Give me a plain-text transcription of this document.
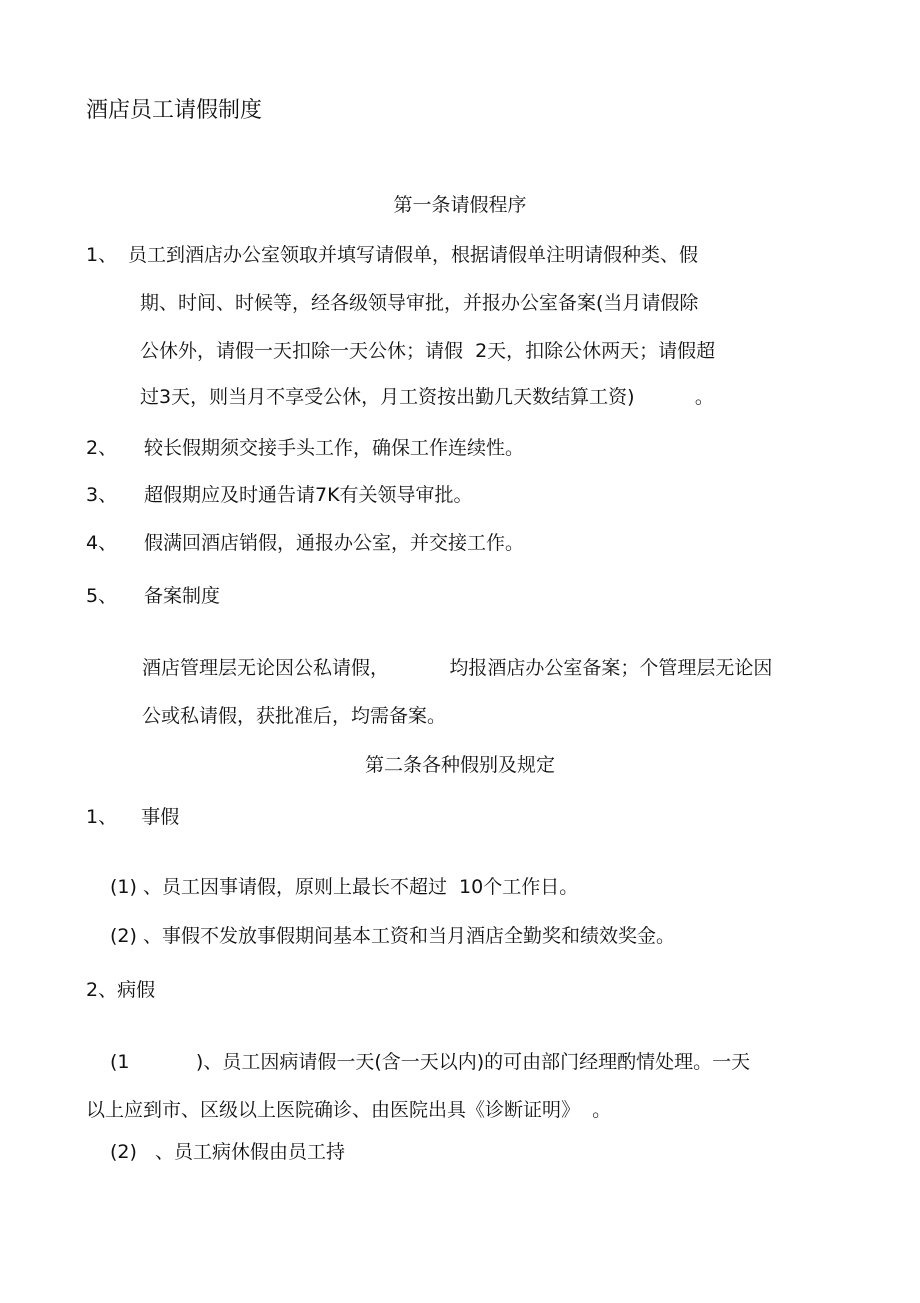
酒店员工请假制度
第一条请假程序
1、 员工到酒店办公室领取并填写请假单，根据请假单注明请假种类、假
期、时间、时候等，经各级领导审批，并报办公室备案(当月请假除
公休外，请假一天扣除一天公休；请假  2天，扣除公休两天；请假超
过3天，则当月不享受公休，月工资按出勤几天数结算工资)          。
2、 较长假期须交接手头工作，确保工作连续性。
3、 超假期应及时通告请7K有关领导审批。
4、 假满回酒店销假，通报办公室，并交接工作。
5、 备案制度
酒店管理层无论因公私请假，          均报酒店办公室备案；个管理层无论因
公或私请假，获批准后，均需备案。
第二条各种假别及规定
1、    事假
(1) 、员工因事请假，原则上最长不超过  10个工作日。
(2) 、事假不发放事假期间基本工资和当月酒店全勤奖和绩效奖金。
2、病假
(1           )、员工因病请假一天(含一天以内)的可由部门经理酌情处理。一天
以上应到市、区级以上医院确诊、由医院出具《诊断证明》  。
(2)   、员工病休假由员工持
